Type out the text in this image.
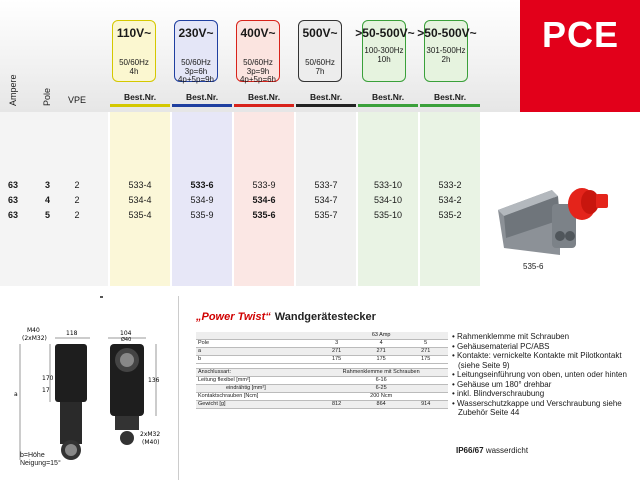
PCE
Ampere	Pole VPE
110V~
50/60Hz
4h
230V~
50/60Hz
3p=6h
4p+5p=9h
400V~
50/60Hz
3p=9h
4p+5p=6h
500V~
50/60Hz
7h
>50-500V~
100-300Hz
10h
>50-500V~
301-500Hz
2h
Best.Nr.	Best.Nr.	Best.Nr.	Best.Nr.	Best.Nr.	Best.Nr.
63	3	2	533-4	533-6	533-9	533-7	533-10	533-2
63	4	2	534-4	534-9	534-6	534-7	534-10	534-2
63	5	2	535-4	535-9	535-6	535-7	535-10	535-2
535-6
M40
(2xM32)
118	104
170
17
a
Ø40
136
2xM32
(M40)
b=Höhe
Neigung=15°
„Power Twist“ Wandgerätestecker
	63 Amp		
Pole	3	4	5
a	271	271	271
b	175	175	175

Anschlussart:	Rahmenklemme mit Schrauben		
Leitung flexibel [mm²]	6-16		
eindrähtig [mm²]	6-25		
Kontaktschrauben [Ncm]	200 Ncm		
Gewicht [g]	812	864	914
• Rahmenklemme mit Schrauben
• Gehäusematerial PC/ABS
• Kontakte: vernickelte Kontakte mit Pilotkontakt (siehe Seite 9)
• Leitungseinführung von oben, unten oder hinten
• Gehäuse um 180° drehbar
• inkl. Blindverschraubung
• Wasserschutzkappe und Verschraubung siehe Zubehör Seite 44
IP66/67 wasserdicht
